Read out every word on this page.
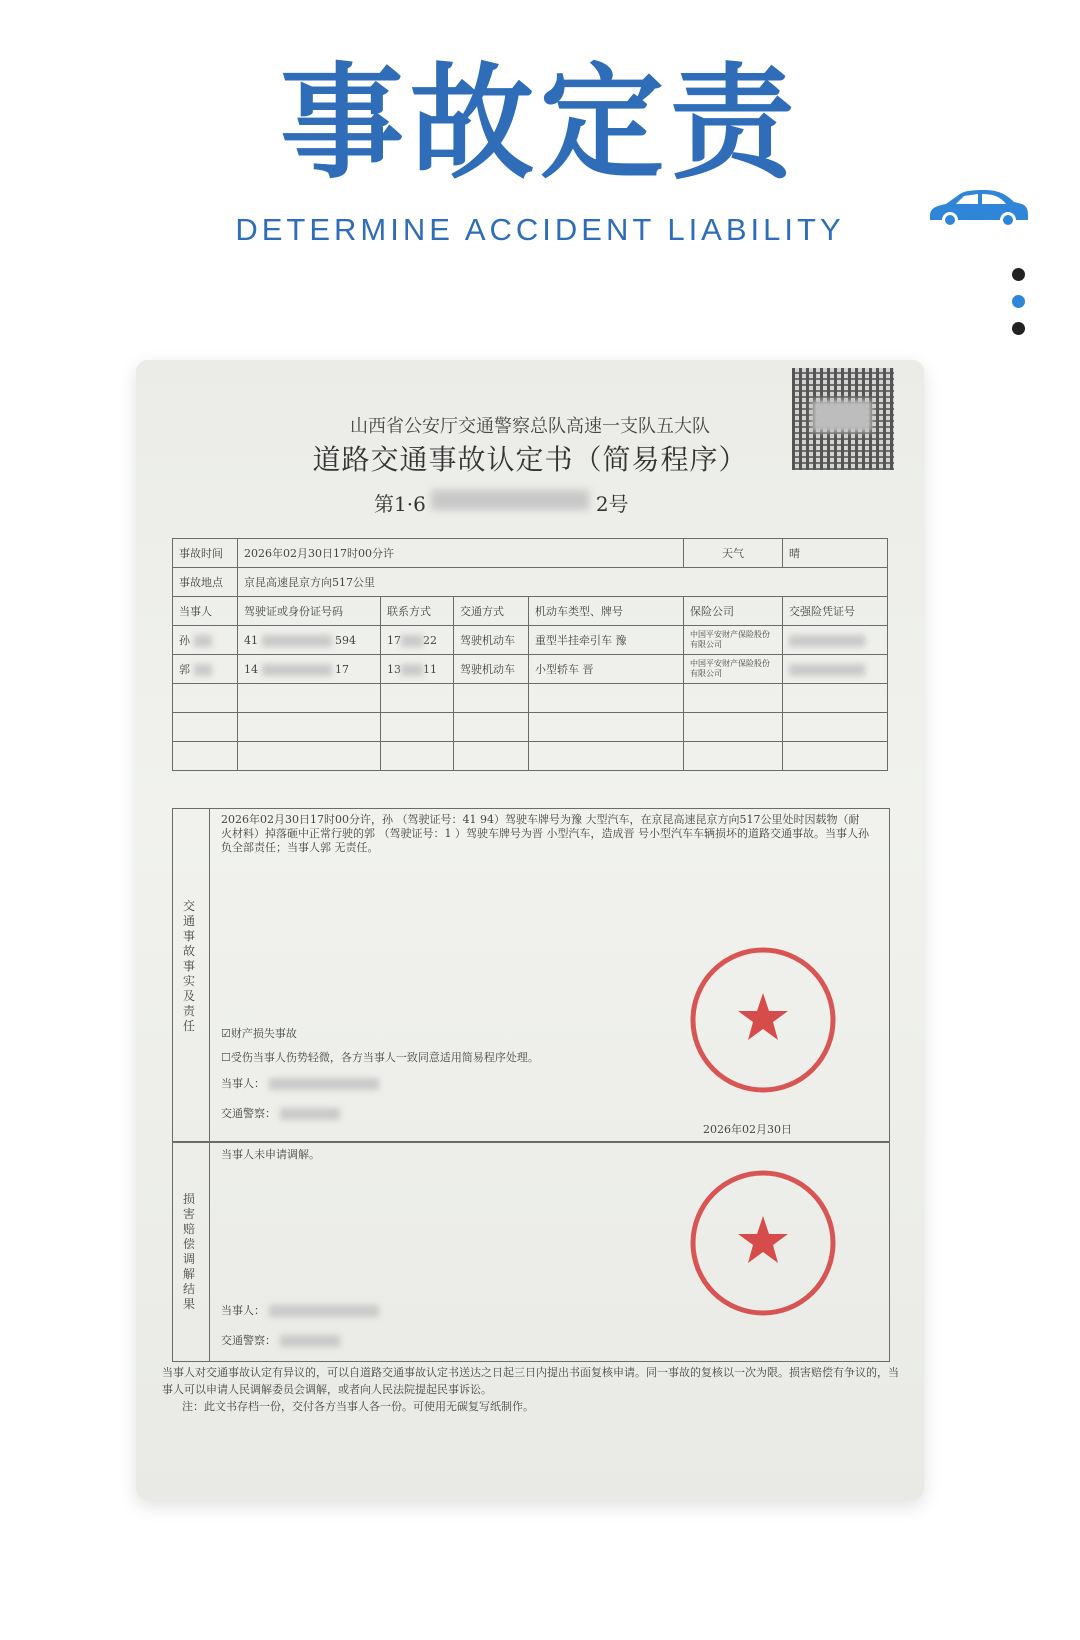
事故定责
DETERMINE ACCIDENT LIABILITY
山西省公安厅交通警察总队高速一支队五大队
道路交通事故认定书（简易程序）
第1·6	2号
事故时间	2026年02月30日17时00分许				天气	晴
事故地点	京昆高速昆京方向517公里					
当事人	驾驶证或身份证号码	联系方式	交通方式	机动车类型、牌号	保险公司	交强险凭证号
孙	41 594	17 22	驾驶机动车	重型半挂牵引车 豫	中国平安财产保险股份有限公司	
郭	14 17	13 11	驾驶机动车	小型轿车 晋	中国平安财产保险股份有限公司	

交通事故事实及责任
2026年02月30日17时00分许，孙 （驾驶证号：41 94）驾驶车牌号为豫 大型汽车，在京昆高速昆京方向517公里处时因载物（耐火材料）掉落砸中正常行驶的郭 （驾驶证号：1 ）驾驶车牌号为晋 小型汽车，造成晋 号小型汽车车辆损坏的道路交通事故。当事人孙 负全部责任；当事人郭 无责任。
☑财产损失事故
☐受伤当事人伤势轻微，各方当事人一致同意适用简易程序处理。
当事人：
交通警察：
2026年02月30日
损害赔偿调解结果
当事人未申请调解。
当事人：
交通警察：
当事人对交通事故认定有异议的，可以自道路交通事故认定书送达之日起三日内提出书面复核申请。同一事故的复核以一次为限。损害赔偿有争议的，当事人可以申请人民调解委员会调解，或者向人民法院提起民事诉讼。
注：此文书存档一份，交付各方当事人各一份。可使用无碳复写纸制作。
